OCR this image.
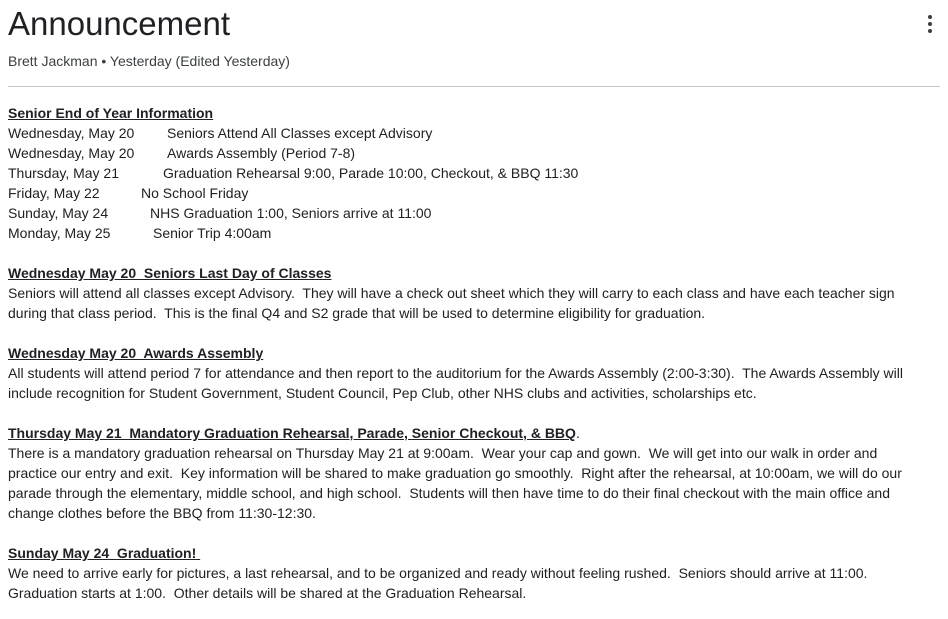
Announcement
Brett Jackman • Yesterday (Edited Yesterday)
Senior End of Year Information
Wednesday, May 20	Seniors Attend All Classes except Advisory
Wednesday, May 20	Awards Assembly (Period 7-8)
Thursday, May 21	Graduation Rehearsal 9:00, Parade 10:00, Checkout, & BBQ 11:30
Friday, May 22	No School Friday
Sunday, May 24	NHS Graduation 1:00, Seniors arrive at 11:00
Monday, May 25	Senior Trip 4:00am
Wednesday May 20  Seniors Last Day of Classes
Seniors will attend all classes except Advisory.  They will have a check out sheet which they will carry to each class and have each teacher sign
during that class period.  This is the final Q4 and S2 grade that will be used to determine eligibility for graduation.
Wednesday May 20  Awards Assembly
All students will attend period 7 for attendance and then report to the auditorium for the Awards Assembly (2:00-3:30).  The Awards Assembly will
include recognition for Student Government, Student Council, Pep Club, other NHS clubs and activities, scholarships etc.
Thursday May 21  Mandatory Graduation Rehearsal, Parade, Senior Checkout, & BBQ.
There is a mandatory graduation rehearsal on Thursday May 21 at 9:00am.  Wear your cap and gown.  We will get into our walk in order and
practice our entry and exit.  Key information will be shared to make graduation go smoothly.  Right after the rehearsal, at 10:00am, we will do our
parade through the elementary, middle school, and high school.  Students will then have time to do their final checkout with the main office and
change clothes before the BBQ from 11:30-12:30.
Sunday May 24  Graduation!
We need to arrive early for pictures, a last rehearsal, and to be organized and ready without feeling rushed.  Seniors should arrive at 11:00.
Graduation starts at 1:00.  Other details will be shared at the Graduation Rehearsal.
